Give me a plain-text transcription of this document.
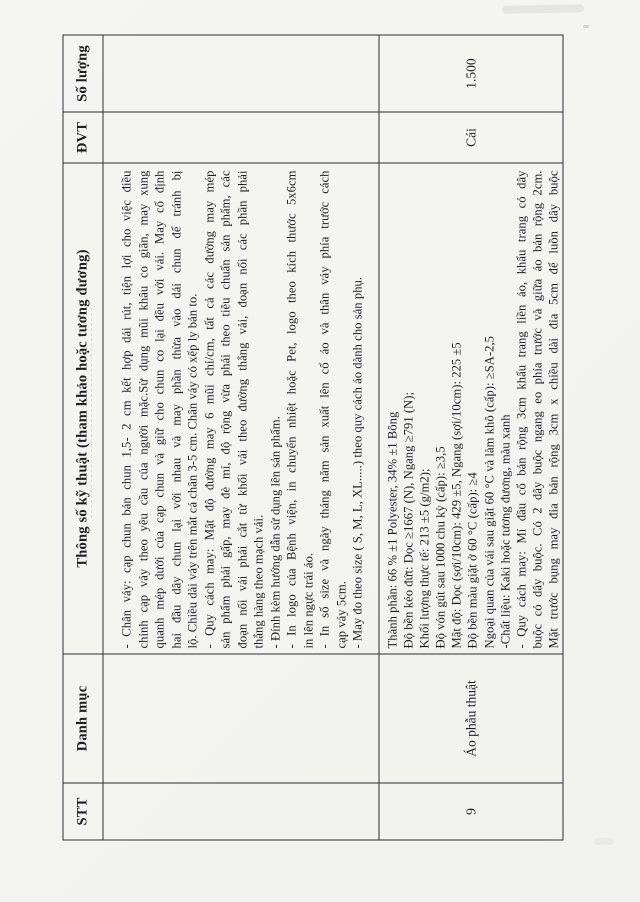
STT
Danh mục
Thông số kỹ thuật (tham khảo hoặc tương đương)
ĐVT
Số lượng
- Chân váy: cạp chun bản chun 1,5- 2 cm kết hợp dải rút, tiện lợi cho việc điều chỉnh cạp váy theo yêu cầu của người mặc.Sử dụng mũi khâu co giãn, may xung quanh mép dưới của cạp chun và giữ cho chun co lại đều với vải. May cố định hai đầu dây chun lại với nhau và may phần thừa vào dải chun để tránh bị lộ. Chiều dài váy trên mắt cá chân 3-5 cm. Chân váy có xếp ly bản to. - Quy cách may: Mật độ đường may 6 mũi chỉ/cm, tất cả các đường may mép sản phẩm phải gấp, may đè mí, độ rộng vừa phải theo tiêu chuẩn sản phẩm, các đoạn nối vải phải cắt từ khối vải theo đường thẳng vải, đoạn nối các phần phải thẳng hàng theo mạch vải. - Đính kèm hướng dẫn sử dụng lên sản phẩm. - In logo của Bệnh viện, in chuyển nhiệt hoặc Pet, logo theo kích thước 5x6cm in lên ngực trái áo. - In số size và ngày tháng năm sản xuất lên cổ áo và thân váy phía trước cách cạp váy 5cm. - May đo theo size ( S, M, L, XL.....) theo quy cách áo dành cho sản phụ.
9
Áo phẫu thuật
Thành phần: 66 % ±1 Polyester, 34% ±1 Bông Độ bền kéo đứt: Dọc ≥1667 (N), Ngang ≥791 (N); Khối lượng thực tế: 213 ±5 (g/m2); Độ vón gút sau 1000 chu kỳ (cấp): ≥3,5 Mật độ: Dọc (sợi/10cm): 429 ±5, Ngang (sợi/10cm): 225 ±5 Độ bền màu giặt ở 60 °C (cấp): ≥4 Ngoại quan của vải sau giặt 60 °C và làm khô (cấp): ≥SA-2,5 -Chất liệu: Kaki hoặc tương đương, màu xanh - Quy cách may: Mí đầu cổ bản rộng 3cm khẩu trang liền áo, khẩu trang có dây buộc có dây buộc. Có 2 dây buộc ngang eo phía trước và giữa áo bản rộng 2cm. Mặt trước bụng may đỉa bản rộng 3cm x chiều dài đỉa 5cm để luồn dây buộc
Cái
1.500
